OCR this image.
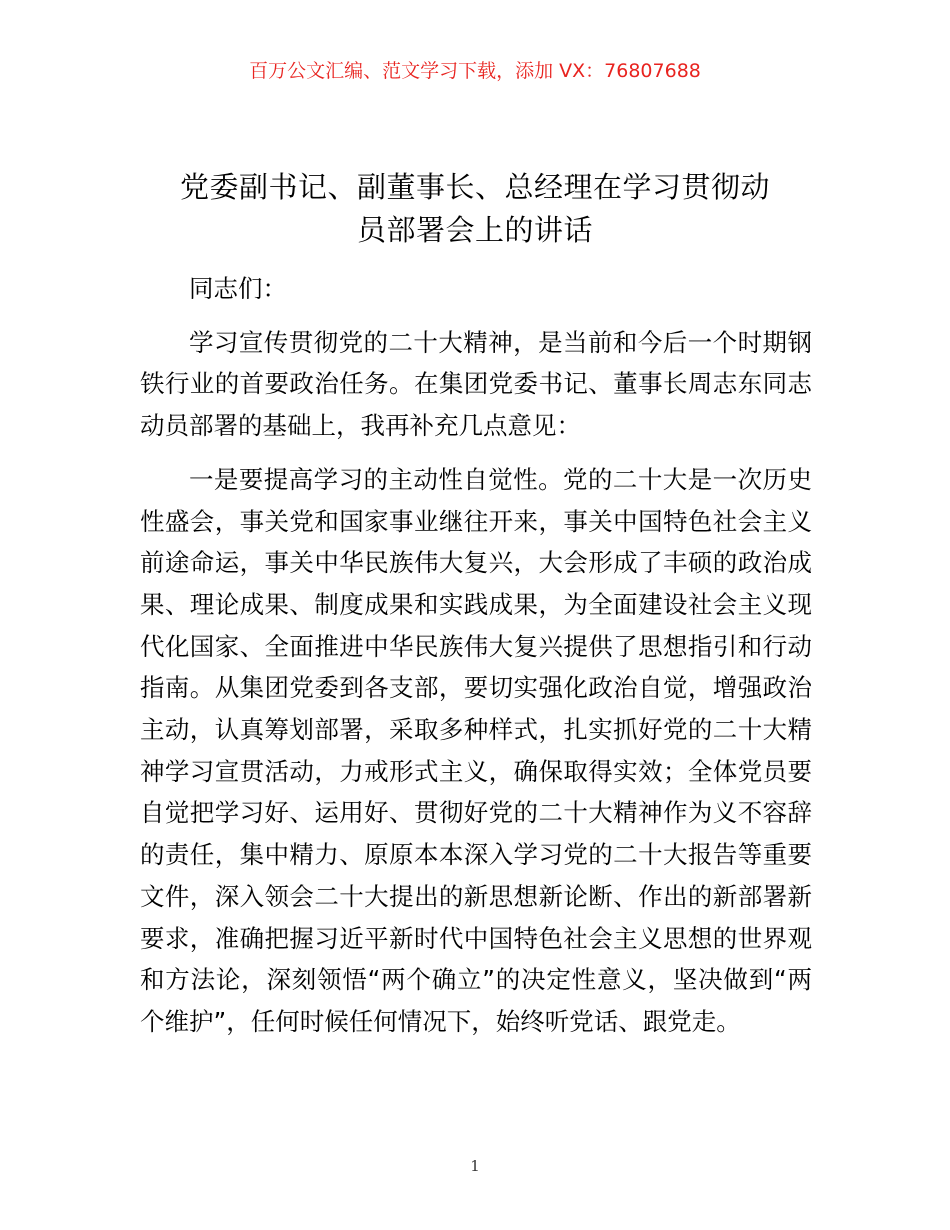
百万公文汇编、范文学习下载，添加 VX：76807688
党委副书记、副董事长、总经理在学习贯彻动
员部署会上的讲话

同志们：

学习宣传贯彻党的二十大精神，是当前和今后一个时期钢铁行业的首要政治任务。在集团党委书记、董事长周志东同志动员部署的基础上，我再补充几点意见：

一是要提高学习的主动性自觉性。党的二十大是一次历史性盛会，事关党和国家事业继往开来，事关中国特色社会主义前途命运，事关中华民族伟大复兴，大会形成了丰硕的政治成果、理论成果、制度成果和实践成果，为全面建设社会主义现代化国家、全面推进中华民族伟大复兴提供了思想指引和行动指南。从集团党委到各支部，要切实强化政治自觉，增强政治主动，认真筹划部署，采取多种样式，扎实抓好党的二十大精神学习宣贯活动，力戒形式主义，确保取得实效；全体党员要自觉把学习好、运用好、贯彻好党的二十大精神作为义不容辞的责任，集中精力、原原本本深入学习党的二十大报告等重要文件，深入领会二十大提出的新思想新论断、作出的新部署新要求，准确把握习近平新时代中国特色社会主义思想的世界观和方法论，深刻领悟“两个确立”的决定性意义，坚决做到“两个维护”，任何时候任何情况下，始终听党话、跟党走。

1
